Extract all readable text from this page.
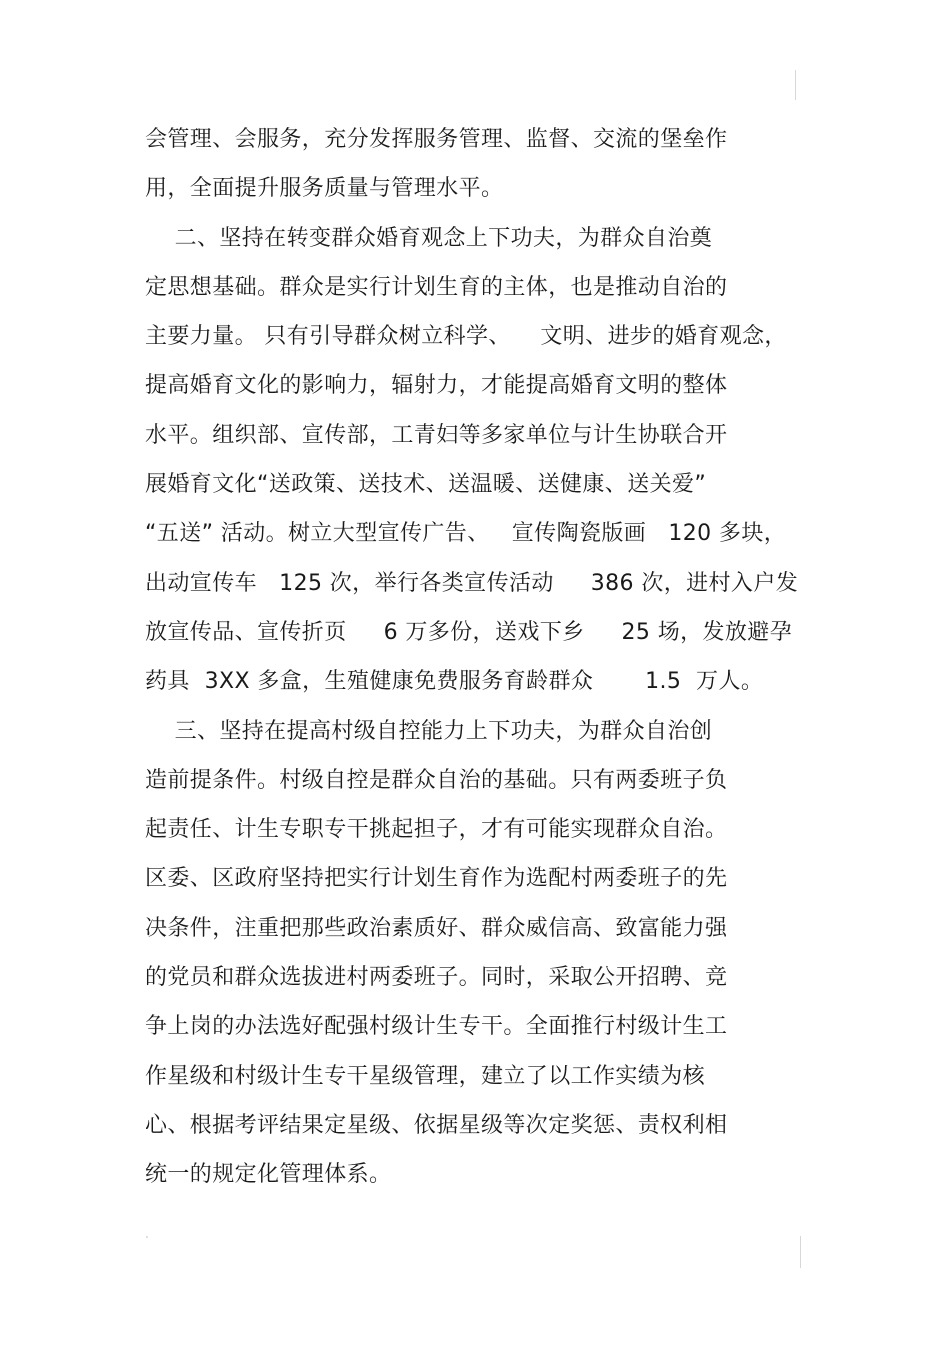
会管理、会服务，充分发挥服务管理、监督、交流的堡垒作
用，全面提升服务质量与管理水平。
二、坚持在转变群众婚育观念上下功夫，为群众自治奠
定思想基础。群众是实行计划生育的主体，也是推动自治的
主要力量。 只有引导群众树立科学、    文明、进步的婚育观念，
提高婚育文化的影响力，辐射力，才能提高婚育文明的整体
水平。组织部、宣传部，工青妇等多家单位与计生协联合开
展婚育文化“送政策、送技术、送温暖、送健康、送关爱”
“五送” 活动。树立大型宣传广告、   宣传陶瓷版画   120 多块，
出动宣传车   125 次，举行各类宣传活动     386 次，进村入户发
放宣传品、宣传折页     6 万多份，送戏下乡     25 场，发放避孕
药具  3XX 多盒，生殖健康免费服务育龄群众       1.5  万人。
三、坚持在提高村级自控能力上下功夫，为群众自治创
造前提条件。村级自控是群众自治的基础。只有两委班子负
起责任、计生专职专干挑起担子，才有可能实现群众自治。
区委、区政府坚持把实行计划生育作为选配村两委班子的先
决条件，注重把那些政治素质好、群众威信高、致富能力强
的党员和群众选拔进村两委班子。同时，采取公开招聘、竞
争上岗的办法选好配强村级计生专干。全面推行村级计生工
作星级和村级计生专干星级管理，建立了以工作实绩为核
心、根据考评结果定星级、依据星级等次定奖惩、责权利相
统一的规定化管理体系。
